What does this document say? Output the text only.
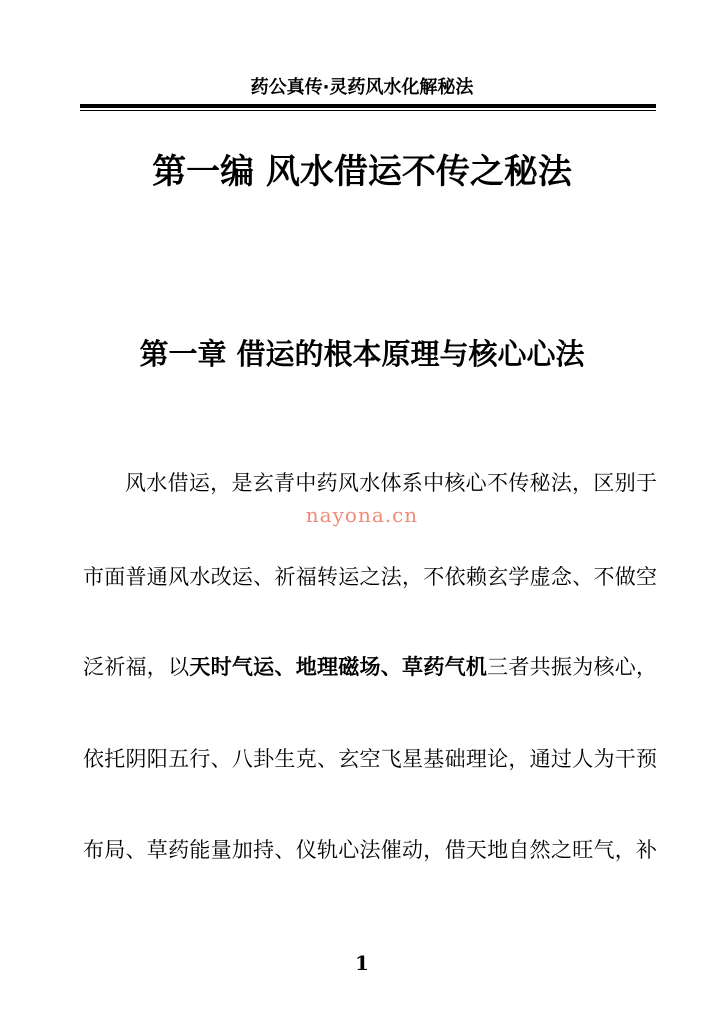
药公真传·灵药风水化解秘法
第一编 风水借运不传之秘法
第一章 借运的根本原理与核心心法
风水借运，是玄青中药风水体系中核心不传秘法，区别于
nayona.cn
市面普通风水改运、祈福转运之法，不依赖玄学虚念、不做空
泛祈福，以天时气运、地理磁场、草药气机三者共振为核心，
依托阴阳五行、八卦生克、玄空飞星基础理论，通过人为干预
布局、草药能量加持、仪轨心法催动，借天地自然之旺气，补
1
